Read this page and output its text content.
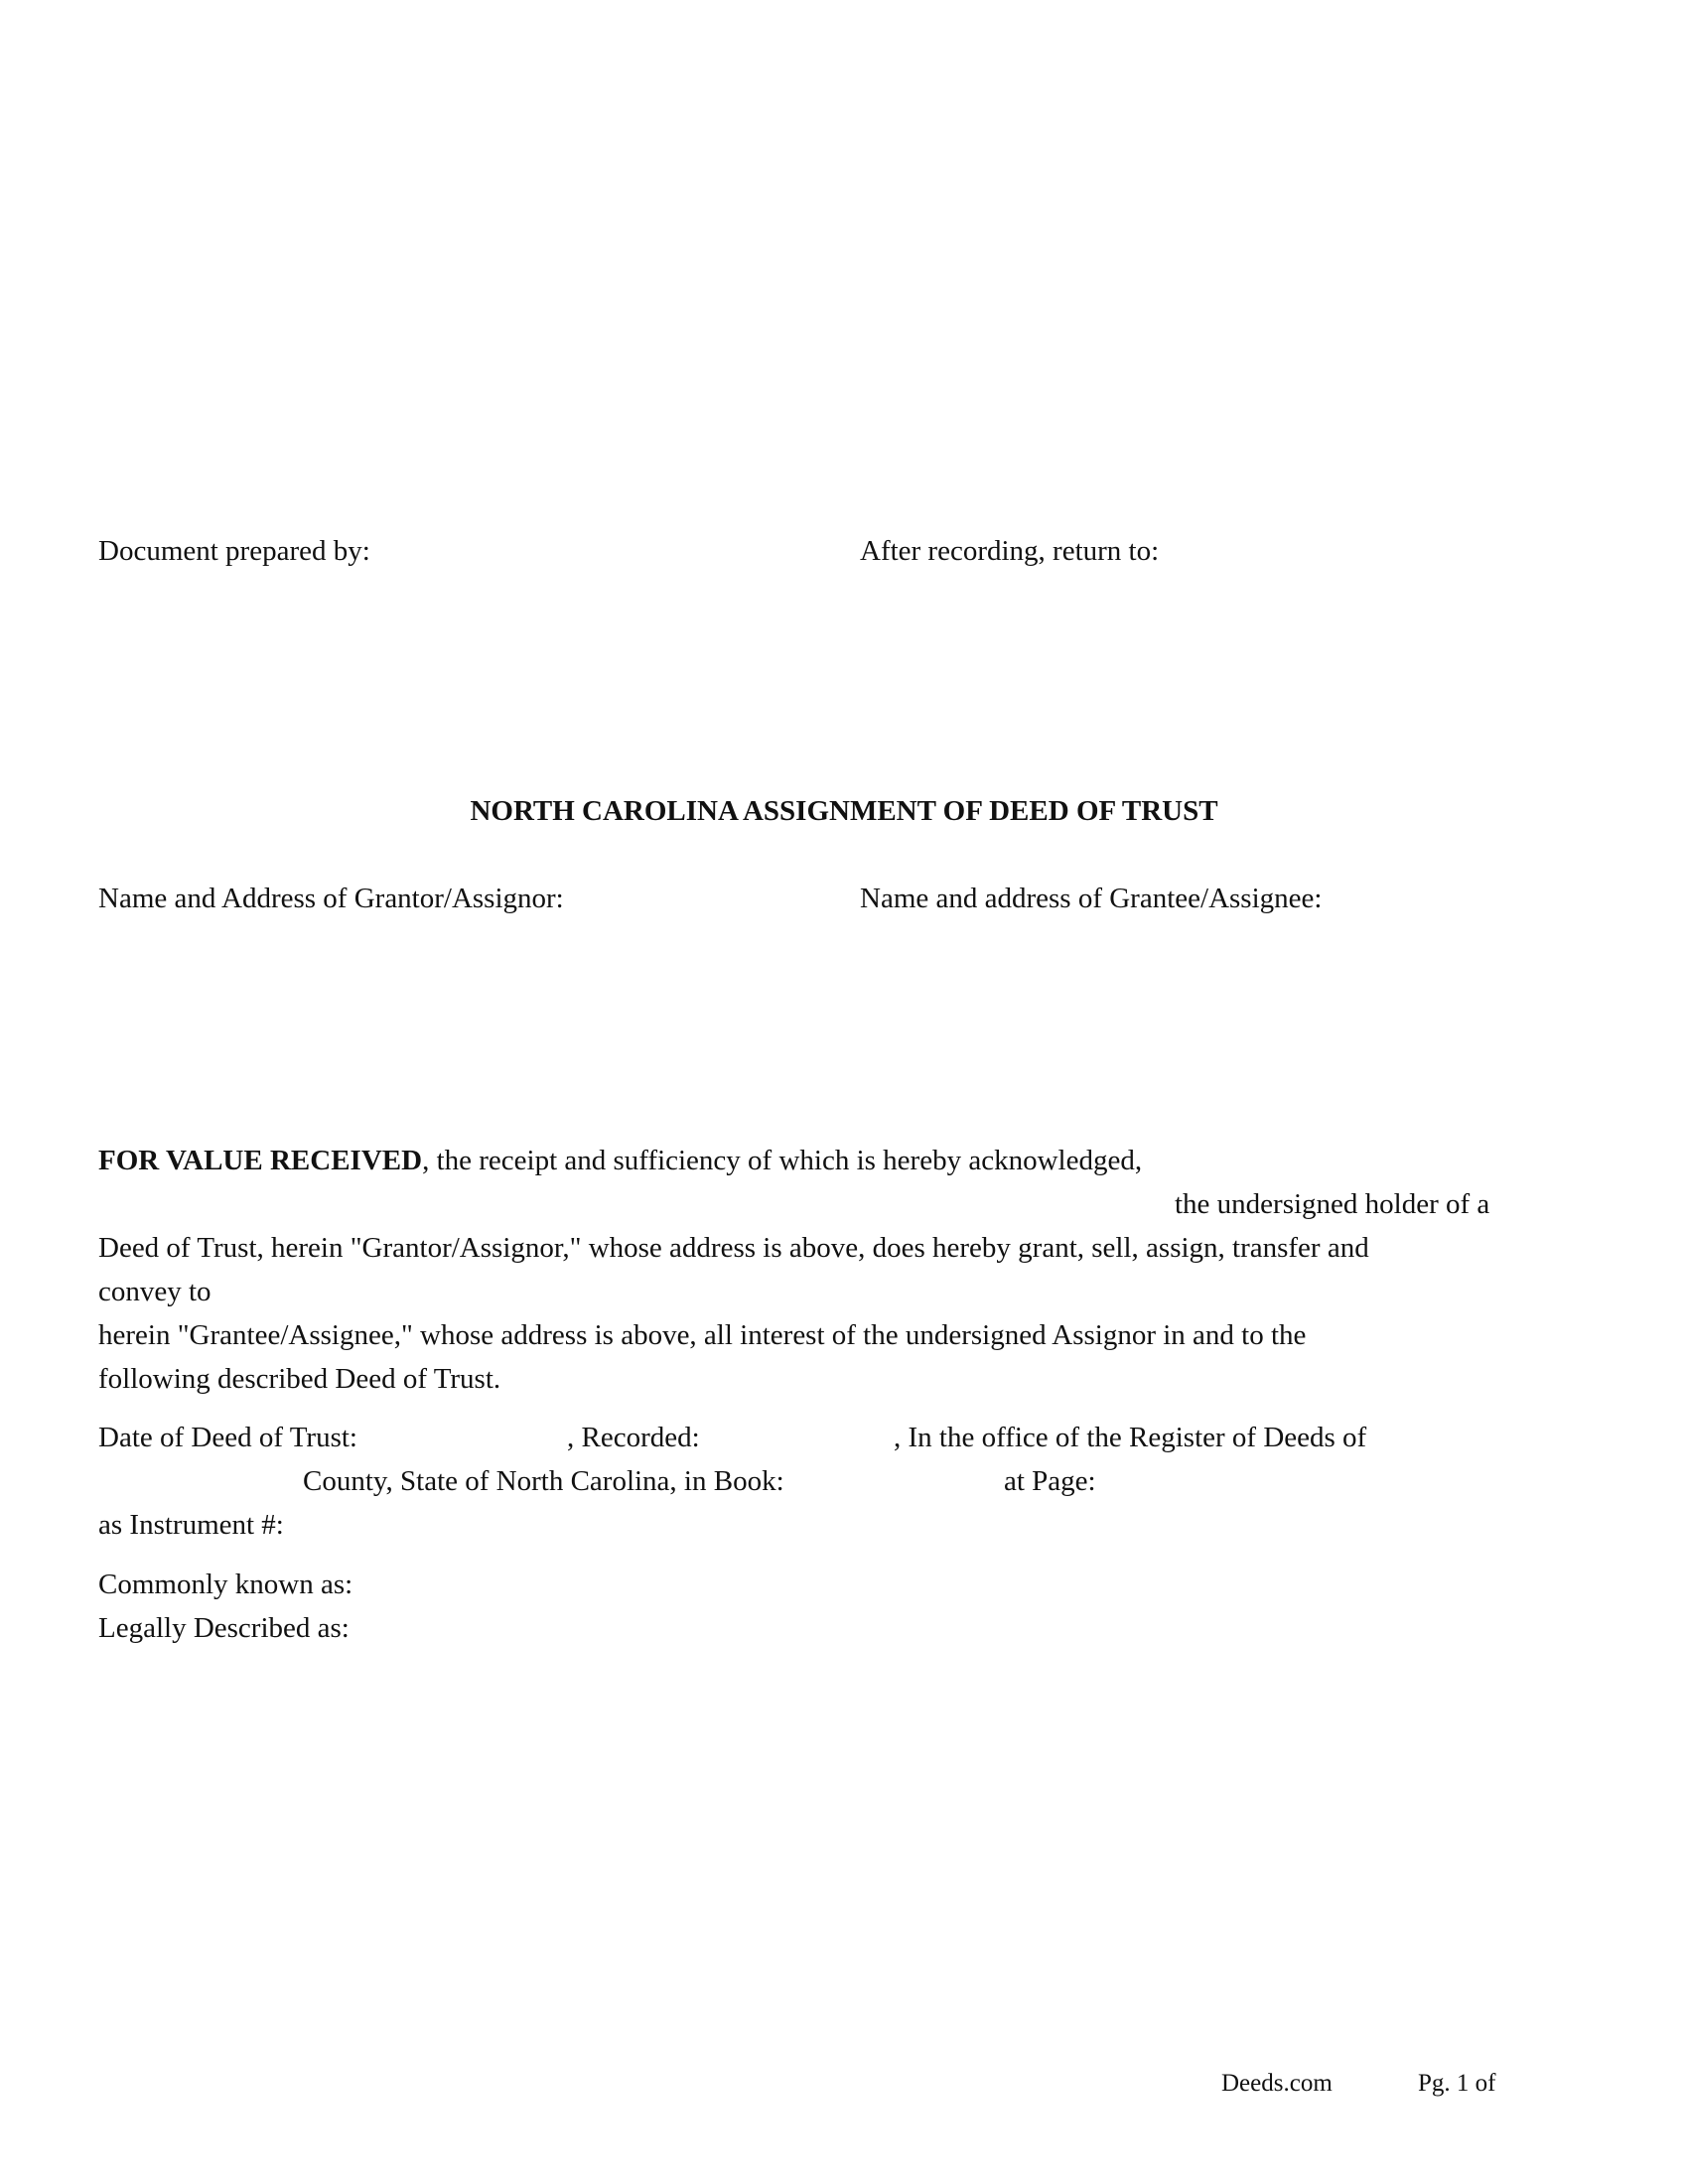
Document prepared by:	After recording, return to:
NORTH CAROLINA ASSIGNMENT OF DEED OF TRUST
Name and Address of Grantor/Assignor:	Name and address of Grantee/Assignee:
FOR VALUE RECEIVED, the receipt and sufficiency of which is hereby acknowledged,
the undersigned holder of a
Deed of Trust, herein "Grantor/Assignor," whose address is above, does hereby grant, sell, assign, transfer and
convey to
herein "Grantee/Assignee," whose address is above, all interest of the undersigned Assignor in and to the
following described Deed of Trust.
Date of Deed of Trust:	, Recorded:	, In the office of the Register of Deeds of
County, State of North Carolina, in Book:	at Page:
as Instrument #:
Commonly known as:
Legally Described as:
Deeds.com	Pg. 1 of
